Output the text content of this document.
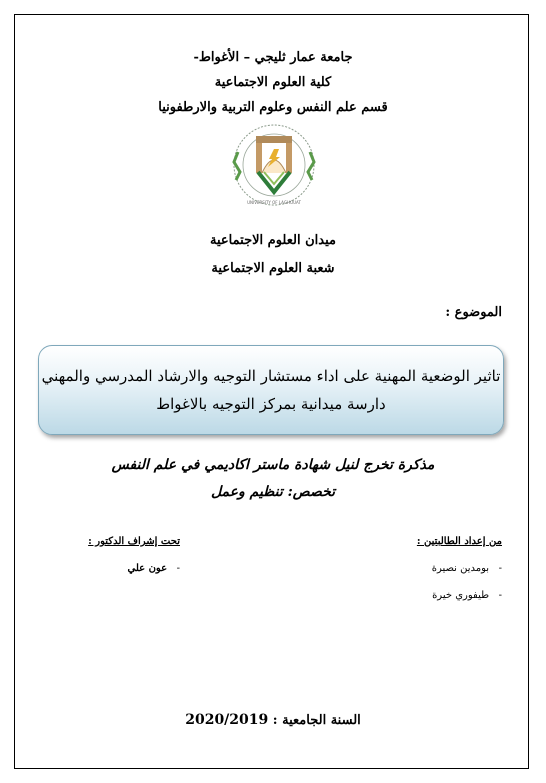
جامعة عمار ثليجي – الأغواط-
كلية العلوم الاجتماعية
قسم علم النفس وعلوم التربية والارطفونيا
UNIVERSITY OF LAGHOUAT
ميدان العلوم الاجتماعية
شعبة العلوم الاجتماعية
الموضوع :
تاثير الوضعية المهنية على اداء مستشار التوجيه والارشاد المدرسي والمهني
دارسة ميدانية بمركز التوجيه بالاغواط
مذكرة تخرج لنيل شهادة ماستر اكاديمي في علم النفس
تخصص: تنظيم وعمل
من إعداد الطالبتين :
-   بومدين نصيرة
-   طيفوري خيرة
تحت إشراف الدكتور :
-   عون علي
السنة الجامعية : 2020/2019
